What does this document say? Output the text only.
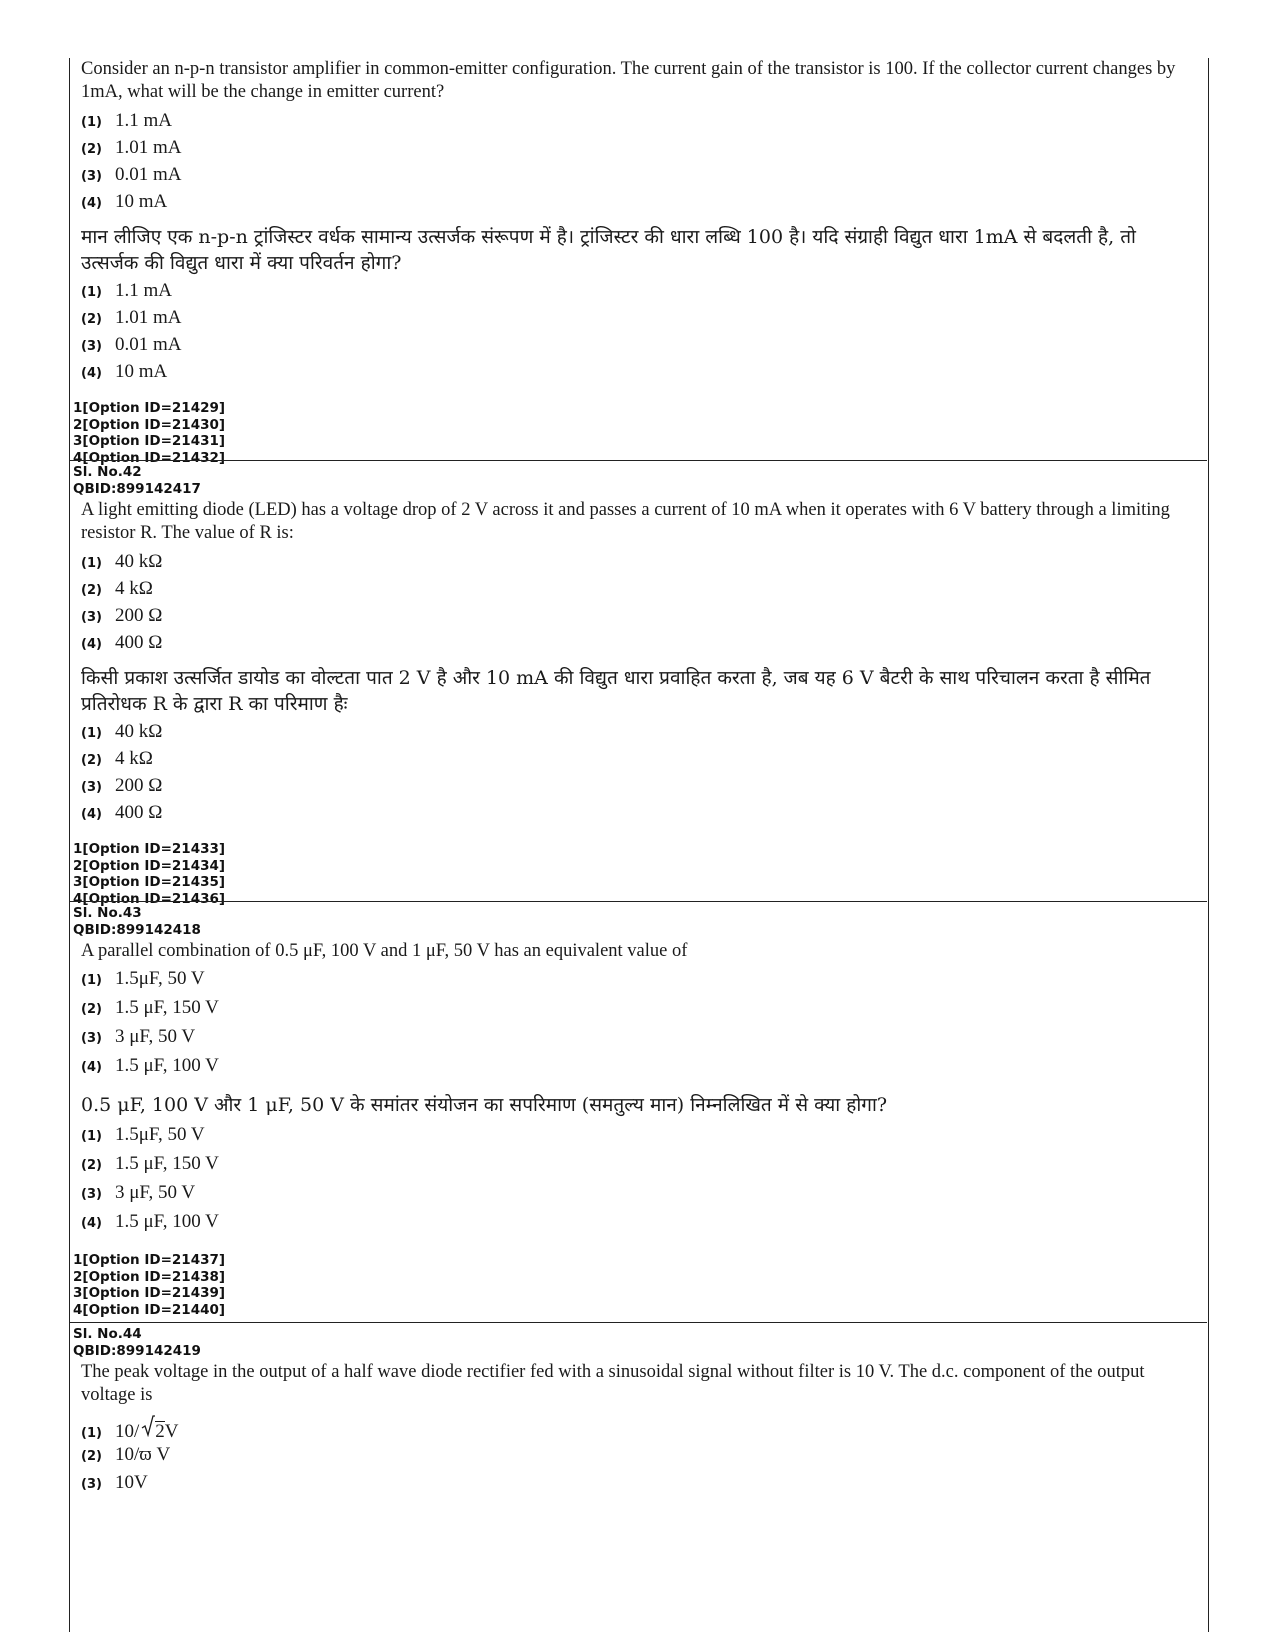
Consider an n-p-n transistor amplifier in common-emitter configuration. The current gain of the transistor is 100. If the collector current changes by 1mA, what will be the change in emitter current?
(1) 1.1 mA
(2) 1.01 mA
(3) 0.01 mA
(4) 10 mA
मान लीजिए एक n-p-n ट्रांजिस्टर वर्धक सामान्य उत्सर्जक संरूपण में है। ट्रांजिस्टर की धारा लब्धि 100 है। यदि संग्राही विद्युत धारा 1mA से बदलती है, तो उत्सर्जक की विद्युत धारा में क्या परिवर्तन होगा?
(1) 1.1 mA
(2) 1.01 mA
(3) 0.01 mA
(4) 10 mA
1[Option ID=21429]
2[Option ID=21430]
3[Option ID=21431]
4[Option ID=21432]
Sl. No.42
QBID:899142417
A light emitting diode (LED) has a voltage drop of 2 V across it and passes a current of 10 mA when it operates with 6 V battery through a limiting resistor R. The value of R is:
(1) 40 kΩ
(2) 4 kΩ
(3) 200 Ω
(4) 400 Ω
किसी प्रकाश उत्सर्जित डायोड का वोल्टता पात 2 V है और 10 mA की विद्युत धारा प्रवाहित करता है, जब यह 6 V बैटरी के साथ परिचालन करता है सीमित प्रतिरोधक R के द्वारा R का परिमाण हैः
(1) 40 kΩ
(2) 4 kΩ
(3) 200 Ω
(4) 400 Ω
1[Option ID=21433]
2[Option ID=21434]
3[Option ID=21435]
4[Option ID=21436]
Sl. No.43
QBID:899142418
A parallel combination of 0.5 μF, 100 V and 1 μF, 50 V has an equivalent value of
(1) 1.5μF, 50 V
(2) 1.5 μF, 150 V
(3) 3 μF, 50 V
(4) 1.5 μF, 100 V
0.5 μF, 100 V और 1 μF, 50 V के समांतर संयोजन का सपरिमाण (समतुल्य मान) निम्नलिखित में से क्या होगा?
(1) 1.5μF, 50 V
(2) 1.5 μF, 150 V
(3) 3 μF, 50 V
(4) 1.5 μF, 100 V
1[Option ID=21437]
2[Option ID=21438]
3[Option ID=21439]
4[Option ID=21440]
Sl. No.44
QBID:899142419
The peak voltage in the output of a half wave diode rectifier fed with a sinusoidal signal without filter is 10 V. The d.c. component of the output voltage is
(1) 10/ 2 V
(2) 10/ϖ V
(3) 10V
